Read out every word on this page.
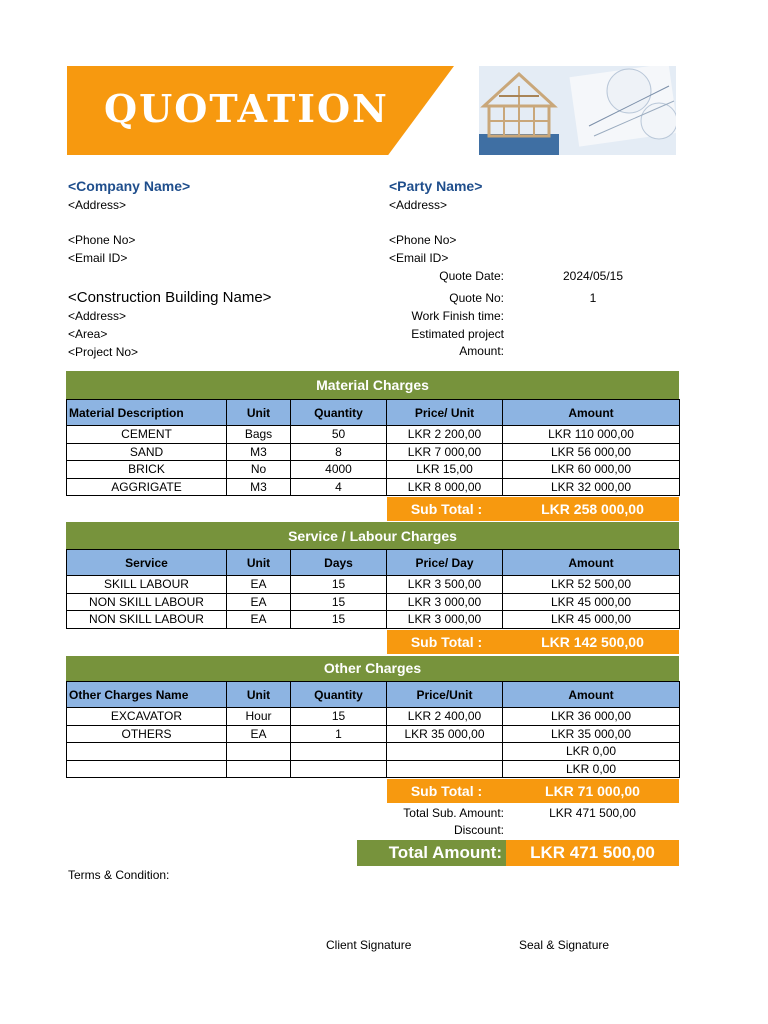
QUOTATION
<Company Name>
<Address>
<Phone No>
<Email ID>
<Party Name>
<Address>
<Phone No>
<Email ID>
Quote Date:	2024/05/15
Quote No:	1
Work Finish time:
Estimated project
Amount:
<Construction Building Name>
<Address>
<Area>
<Project No>
Material Charges
Material Description	Unit	Quantity	Price/ Unit	Amount
CEMENT	Bags	50	LKR 2 200,00	LKR 110 000,00
SAND	M3	8	LKR 7 000,00	LKR 56 000,00
BRICK	No	4000	LKR 15,00	LKR 60 000,00
AGGRIGATE	M3	4	LKR 8 000,00	LKR 32 000,00
Sub Total :	LKR 258 000,00
Service / Labour Charges
Service	Unit	Days	Price/ Day	Amount
SKILL LABOUR	EA	15	LKR 3 500,00	LKR 52 500,00
NON SKILL LABOUR	EA	15	LKR 3 000,00	LKR 45 000,00
NON SKILL LABOUR	EA	15	LKR 3 000,00	LKR 45 000,00
Sub Total :	LKR 142 500,00
Other Charges
Other Charges Name	Unit	Quantity	Price/Unit	Amount
EXCAVATOR	Hour	15	LKR 2 400,00	LKR 36 000,00
OTHERS	EA	1	LKR 35 000,00	LKR 35 000,00
				LKR 0,00
				LKR 0,00
Sub Total :	LKR 71 000,00
Total Sub. Amount:	LKR 471 500,00
Discount:
Total Amount:	LKR 471 500,00
Terms & Condition:
Client Signature	Seal & Signature
